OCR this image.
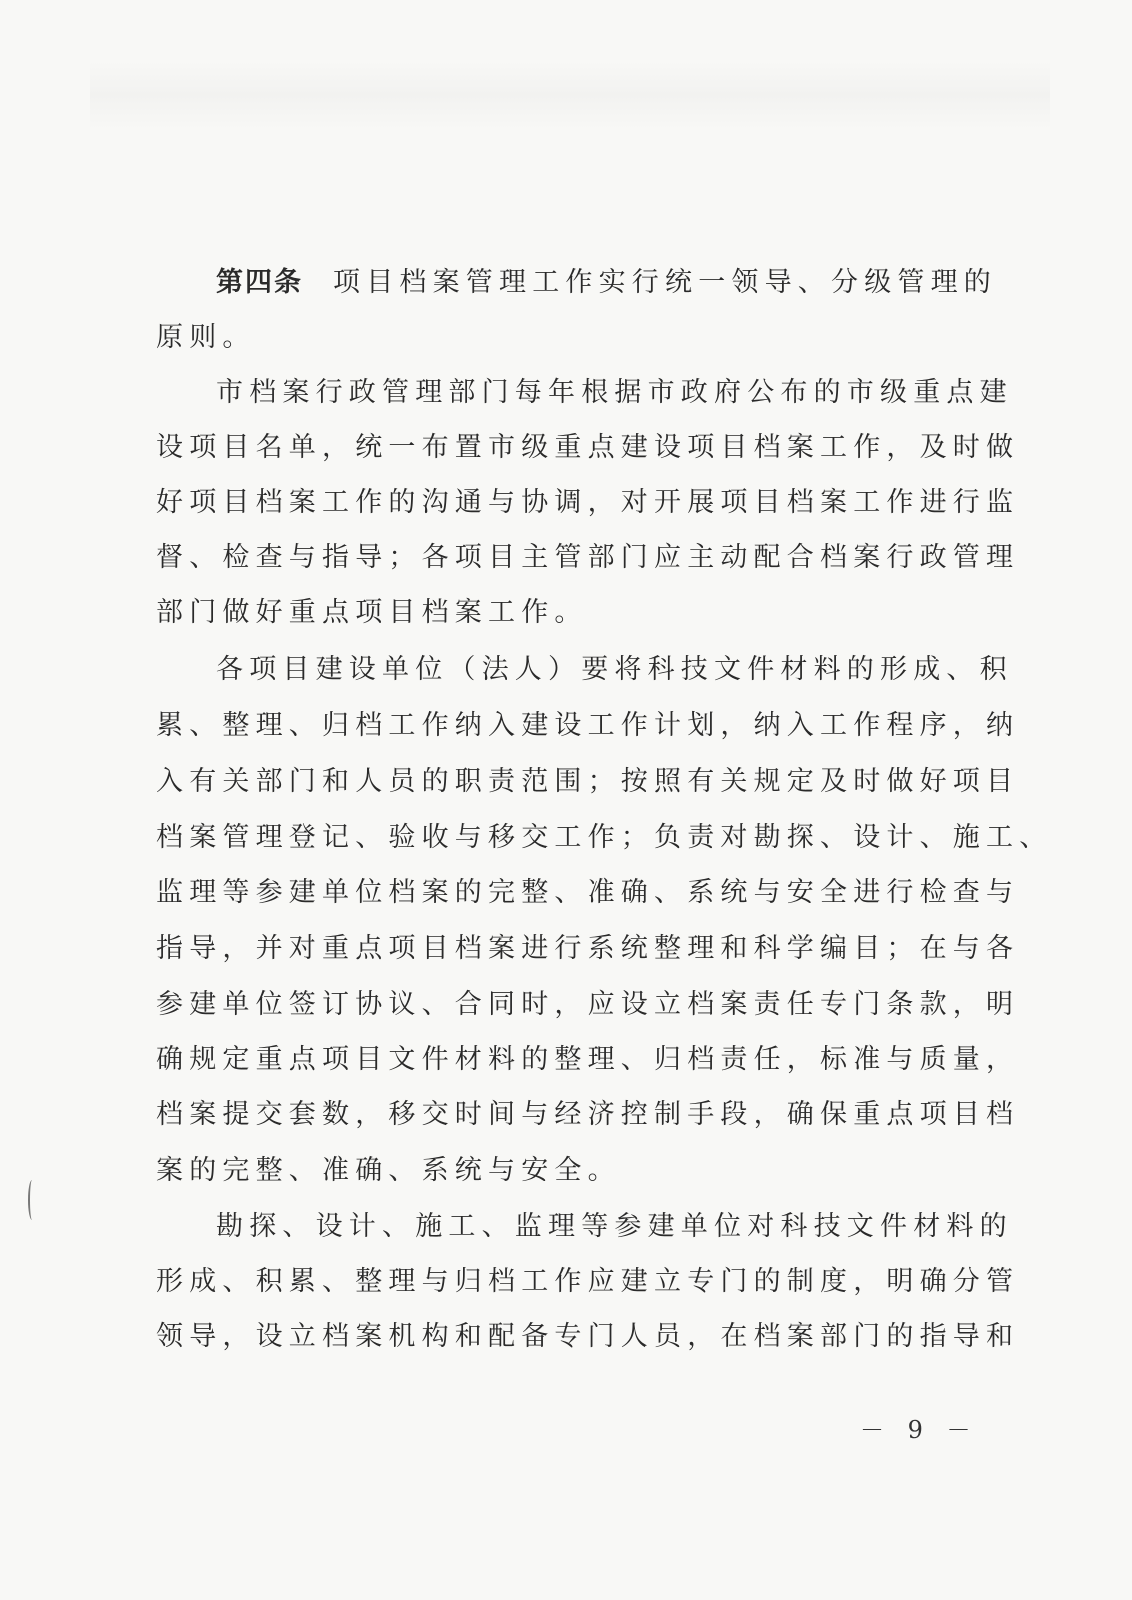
第四条 项目档案管理工作实行统一领导、分级管理的
原则。
市档案行政管理部门每年根据市政府公布的市级重点建
设项目名单，统一布置市级重点建设项目档案工作，及时做
好项目档案工作的沟通与协调，对开展项目档案工作进行监
督、检查与指导；各项目主管部门应主动配合档案行政管理
部门做好重点项目档案工作。
各项目建设单位（法人）要将科技文件材料的形成、积
累、整理、归档工作纳入建设工作计划，纳入工作程序，纳
入有关部门和人员的职责范围；按照有关规定及时做好项目
档案管理登记、验收与移交工作；负责对勘探、设计、施工、
监理等参建单位档案的完整、准确、系统与安全进行检查与
指导，并对重点项目档案进行系统整理和科学编目；在与各
参建单位签订协议、合同时，应设立档案责任专门条款，明
确规定重点项目文件材料的整理、归档责任，标准与质量，
档案提交套数，移交时间与经济控制手段，确保重点项目档
案的完整、准确、系统与安全。
勘探、设计、施工、监理等参建单位对科技文件材料的
形成、积累、整理与归档工作应建立专门的制度，明确分管
领导，设立档案机构和配备专门人员，在档案部门的指导和
－ 9 －
